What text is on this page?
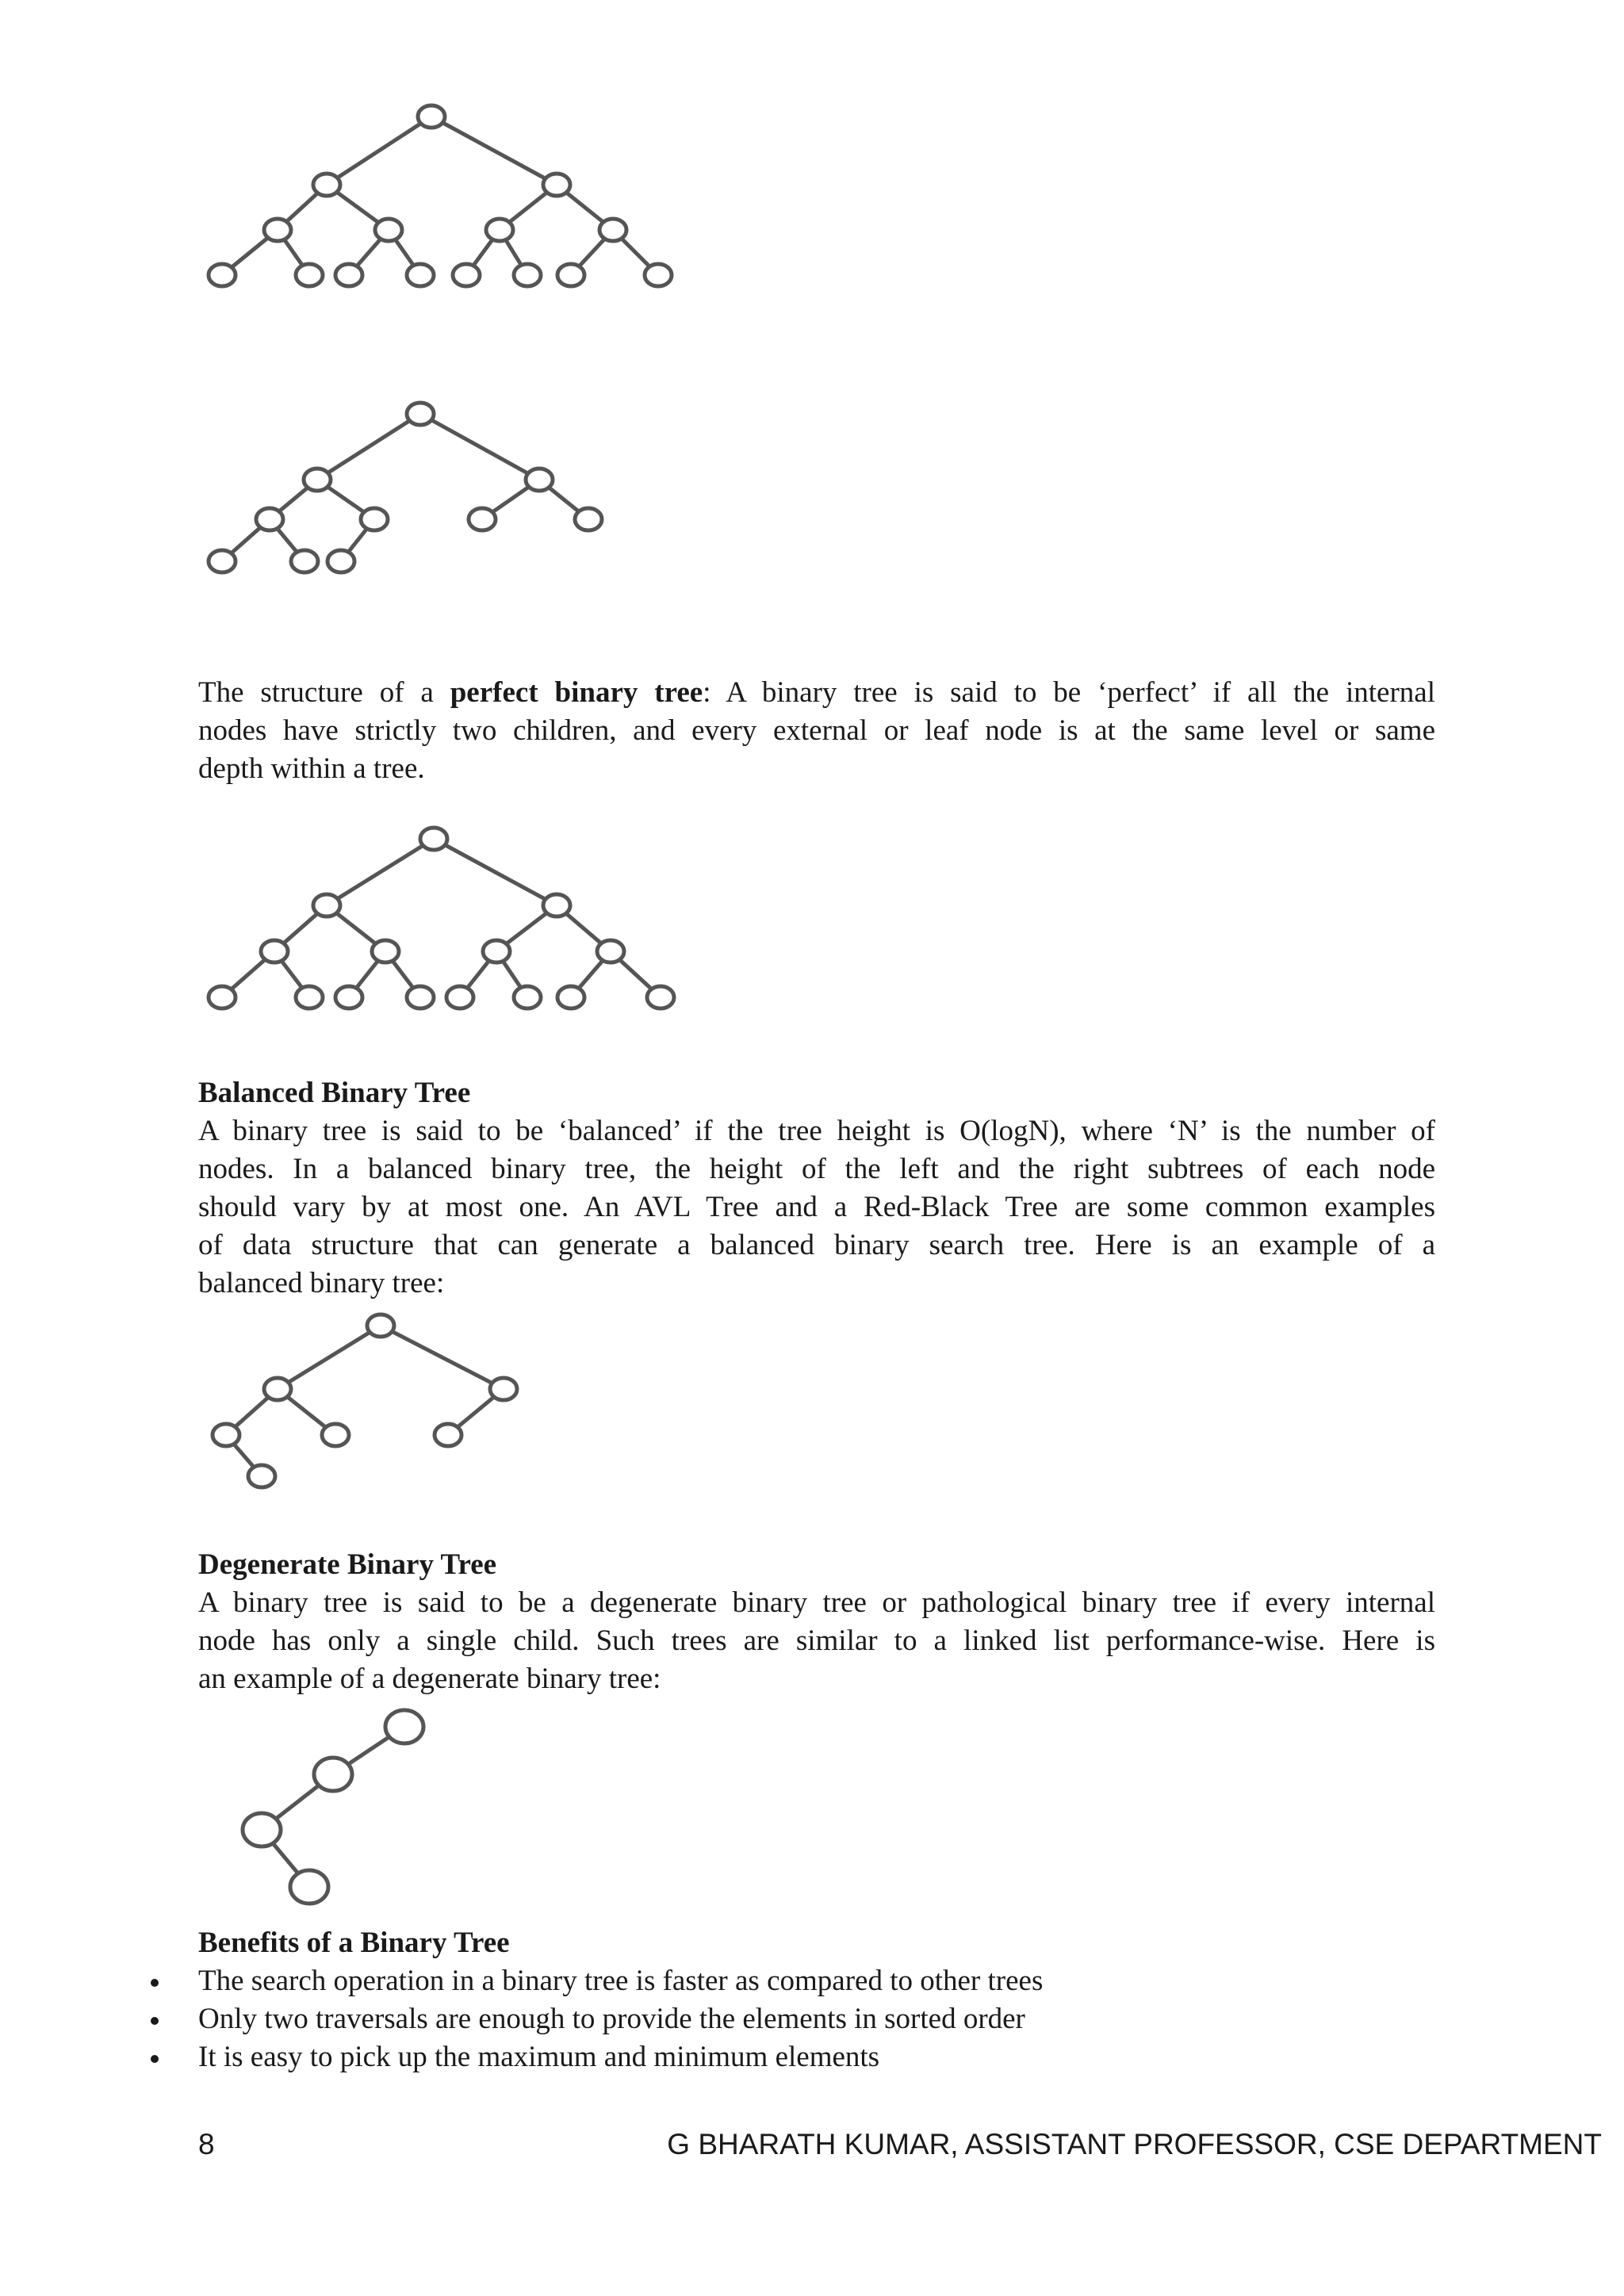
The structure of a perfect binary tree: A binary tree is said to be ‘perfect’ if all the internal
nodes have strictly two children, and every external or leaf node is at the same level or same
depth within a tree.

Balanced Binary Tree

A binary tree is said to be ‘balanced’ if the tree height is O(logN), where ‘N’ is the number of
nodes. In a balanced binary tree, the height of the left and the right subtrees of each node
should vary by at most one. An AVL Tree and a Red-Black Tree are some common examples
of data structure that can generate a balanced binary search tree. Here is an example of a
balanced binary tree:

Degenerate Binary Tree

A binary tree is said to be a degenerate binary tree or pathological binary tree if every internal
node has only a single child. Such trees are similar to a linked list performance-wise. Here is
an example of a degenerate binary tree:

Benefits of a Binary Tree
The search operation in a binary tree is faster as compared to other trees
Only two traversals are enough to provide the elements in sorted order
It is easy to pick up the maximum and minimum elements
8	G BHARATH KUMAR, ASSISTANT PROFESSOR, CSE DEPARTMENT
